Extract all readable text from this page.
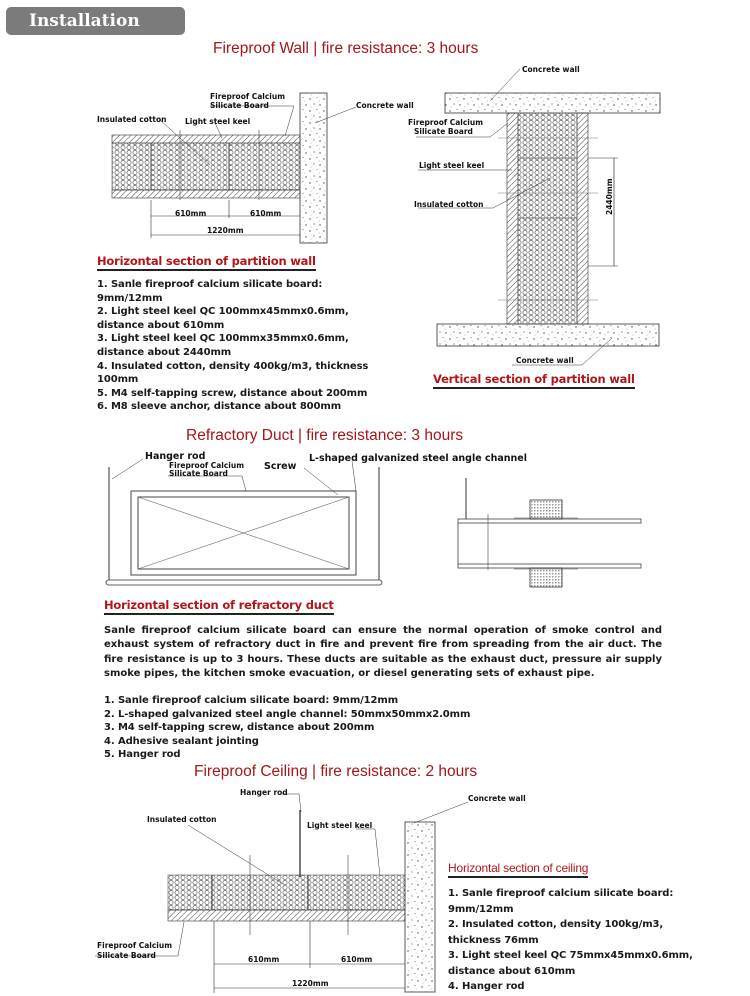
Installation
Fireproof Wall | fire resistance: 3 hours
Insulated cotton Light steel keel
Fireproof Calcium
Silicate Board	Concrete wall
610mm	610mm
1220mm
Horizontal section of partition wall
1. Sanle fireproof calcium silicate board:
9mm/12mm
2. Light steel keel QC 100mmx45mmx0.6mm,
distance about 610mm
3. Light steel keel QC 100mmx35mmx0.6mm,
distance about 2440mm
4. Insulated cotton, density 400kg/m3, thickness
100mm
5. M4 self-tapping screw, distance about 200mm
6. M8 sleeve anchor, distance about 800mm
Concrete wall
Fireproof Calcium
Silicate Board
Light steel keel
Insulated cotton	2440mm
Concrete wall
Vertical section of partition wall
Refractory Duct | fire resistance: 3 hours
Hanger rod
Fireproof Calcium
Silicate Board
Screw
L-shaped galvanized steel angle channel
Horizontal section of refractory duct
Sanle fireproof calcium silicate board can ensure the normal operation of smoke control and exhaust system of refractory duct in fire and prevent fire from spreading from the air duct. The fire resistance is up to 3 hours. These ducts are suitable as the exhaust duct, pressure air supply smoke pipes, the kitchen smoke evacuation, or diesel generating sets of exhaust pipe.
1. Sanle fireproof calcium silicate board: 9mm/12mm
2. L-shaped galvanized steel angle channel: 50mmx50mmx2.0mm
3. M4 self-tapping screw, distance about 200mm
4. Adhesive sealant jointing
5. Hanger rod
Fireproof Ceiling | fire resistance: 2 hours
Hanger rod
Insulated cotton
Light steel keel
Concrete wall
Fireproof Calcium
Silicate Board	610mm	610mm
1220mm
Horizontal section of ceiling
1. Sanle fireproof calcium silicate board:
9mm/12mm
2. Insulated cotton, density 100kg/m3,
thickness 76mm
3. Light steel keel QC 75mmx45mmx0.6mm,
distance about 610mm
4. Hanger rod
